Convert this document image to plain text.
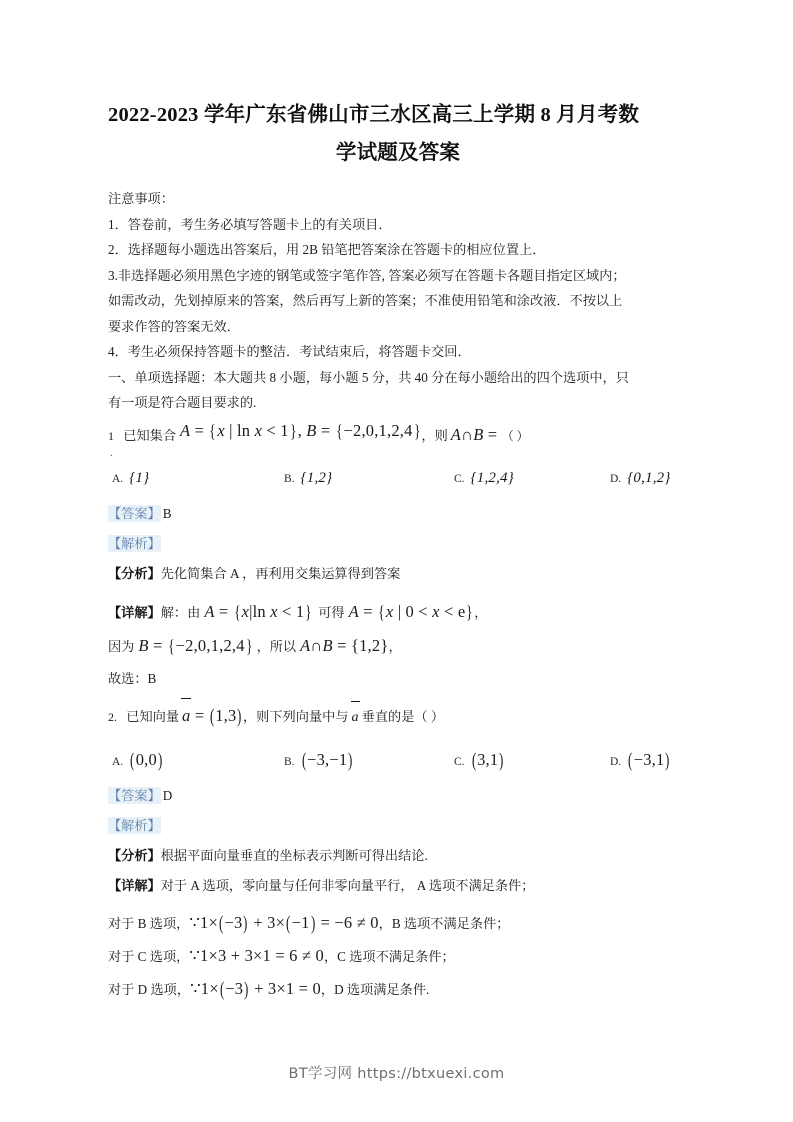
2022-2023 学年广东省佛山市三水区高三上学期 8 月月考数
学试题及答案

注意事项：

1．答卷前，考生务必填写答题卡上的有关项目．

2．选择题每小题选出答案后，用 2B 铅笔把答案涂在答题卡的相应位置上．

3.非选择题必须用黑色字迹的钢笔或签字笔作答, 答案必须写在答题卡各题目指定区域内；

如需改动，先划掉原来的答案，然后再写上新的答案；不准使用铅笔和涂改液．不按以上

要求作答的答案无效．

4．考生必须保持答题卡的整洁．考试结束后，将答题卡交回．

一、单项选择题：本大题共 8 小题，每小题 5 分，共 40 分在每小题给出的四个选项中，只

有一项是符合题目要求的.

1 . 已知集合 A = {x | ln x < 1}, B = {−2,0,1,2,4}，则 A∩B = （ ）

A. {1}	B. {1,2}	C. {1,2,4}	D. {0,1,2}

【答案】 B

【解析】

【分析】先化简集合 A ，再利用交集运算得到答案

【详解】解：由 A = {x|ln x < 1} 可得 A = {x | 0 < x < e}，

因为 B = {−2,0,1,2,4} ，所以 A∩B = {1,2}，

故选：B

2. 已知向量 a = (1,3)，则下列向量中与 a 垂直的是（ ）

A. (0,0)	B. (−3,−1)	C. (3,1)	D. (−3,1)

【答案】 D

【解析】

【分析】根据平面向量垂直的坐标表示判断可得出结论.

【详解】对于 A 选项，零向量与任何非零向量平行， A 选项不满足条件；

对于 B 选项，∵1×(−3) + 3×(−1) = −6 ≠ 0，B 选项不满足条件；

对于 C 选项，∵1×3 + 3×1 = 6 ≠ 0，C 选项不满足条件；

对于 D 选项，∵1×(−3) + 3×1 = 0，D 选项满足条件.

BT学习网 https://btxuexi.com
